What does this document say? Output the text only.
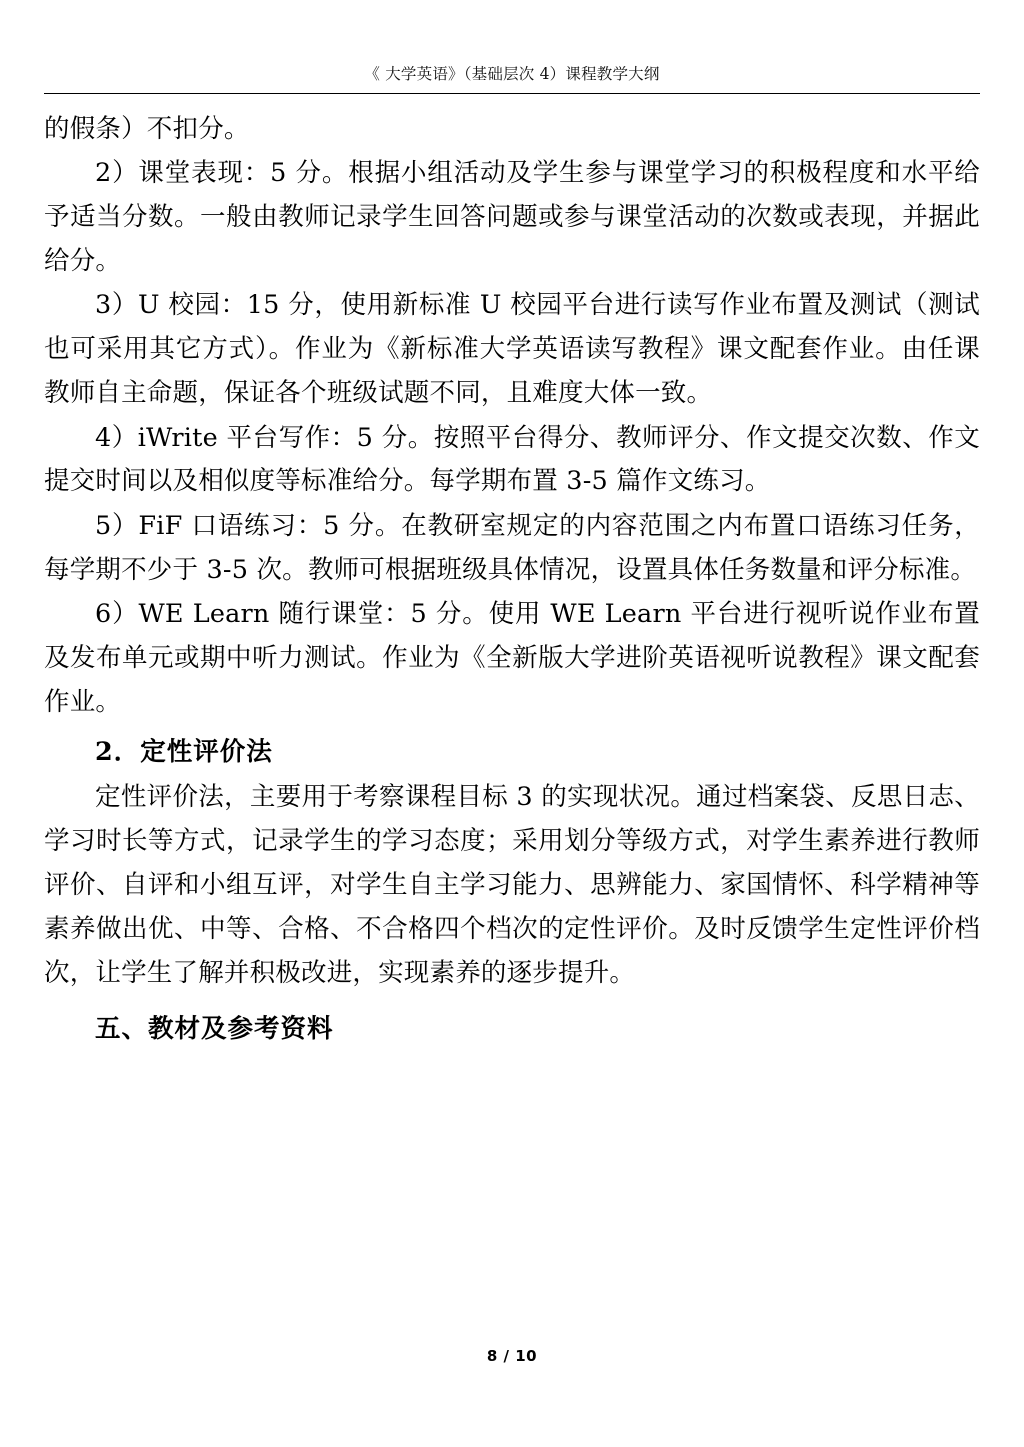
《 大学英语》（基础层次 4）课程教学大纲

的假条）不扣分。

2）课堂表现：5 分。根据小组活动及学生参与课堂学习的积极程度和水平给予适当分数。一般由教师记录学生回答问题或参与课堂活动的次数或表现，并据此给分。

3）U 校园：15 分，使用新标准 U 校园平台进行读写作业布置及测试（测试也可采用其它方式）。作业为《新标准大学英语读写教程》课文配套作业。由任课教师自主命题，保证各个班级试题不同，且难度大体一致。

4）iWrite 平台写作：5 分。按照平台得分、教师评分、作文提交次数、作文提交时间以及相似度等标准给分。每学期布置 3-5 篇作文练习。

5）FiF 口语练习：5 分。在教研室规定的内容范围之内布置口语练习任务，每学期不少于 3-5 次。教师可根据班级具体情况，设置具体任务数量和评分标准。

6）WE Learn 随行课堂：5 分。使用 WE Learn 平台进行视听说作业布置及发布单元或期中听力测试。作业为《全新版大学进阶英语视听说教程》课文配套作业。

2．定性评价法

定性评价法，主要用于考察课程目标 3 的实现状况。通过档案袋、反思日志、学习时长等方式，记录学生的学习态度；采用划分等级方式，对学生素养进行教师评价、自评和小组互评，对学生自主学习能力、思辨能力、家国情怀、科学精神等素养做出优、中等、合格、不合格四个档次的定性评价。及时反馈学生定性评价档次，让学生了解并积极改进，实现素养的逐步提升。

五、教材及参考资料

8 / 10
